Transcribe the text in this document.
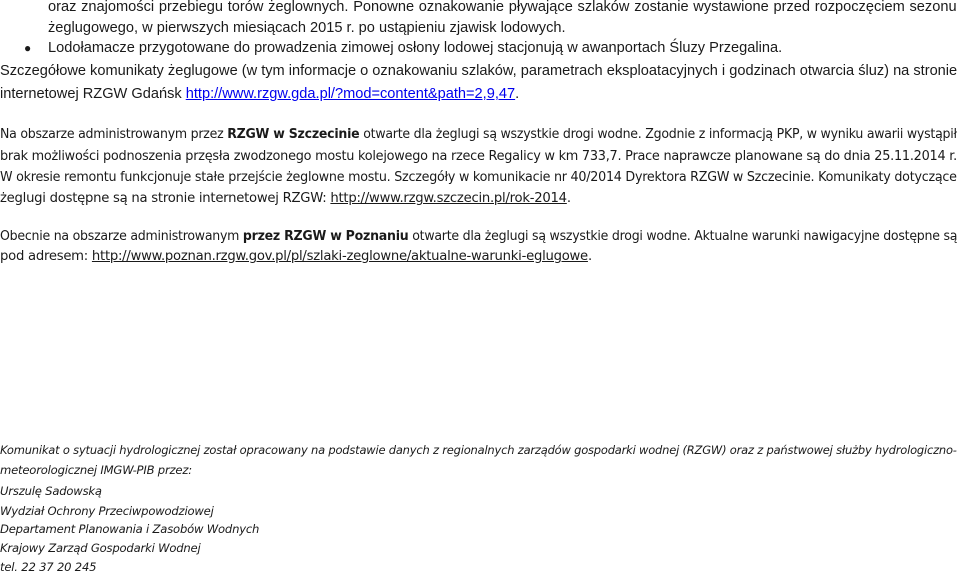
oraz znajomości przebiegu torów żeglownych. Ponowne oznakowanie pływające szlaków zostanie wystawione przed rozpoczęciem sezonu
żeglugowego, w pierwszych miesiącach 2015 r. po ustąpieniu zjawisk lodowych.
● Lodołamacze przygotowane do prowadzenia zimowej osłony lodowej stacjonują w awanportach Śluzy Przegalina.
Szczegółowe komunikaty żeglugowe (w tym informacje o oznakowaniu szlaków, parametrach eksploatacyjnych i godzinach otwarcia śluz) na stronie
internetowej RZGW Gdańsk http://www.rzgw.gda.pl/?mod=content&path=2,9,47.
Na obszarze administrowanym przez RZGW w Szczecinie otwarte dla żeglugi są wszystkie drogi wodne. Zgodnie z informacją PKP, w wyniku awarii wystąpił
brak możliwości podnoszenia przęsła zwodzonego mostu kolejowego na rzece Regalicy w km 733,7. Prace naprawcze planowane są do dnia 25.11.2014 r.
W okresie remontu funkcjonuje stałe przejście żeglowne mostu. Szczegóły w komunikacie nr 40/2014 Dyrektora RZGW w Szczecinie. Komunikaty dotyczące
żeglugi dostępne są na stronie internetowej RZGW: http://www.rzgw.szczecin.pl/rok-2014.
Obecnie na obszarze administrowanym przez RZGW w Poznaniu otwarte dla żeglugi są wszystkie drogi wodne. Aktualne warunki nawigacyjne dostępne są
pod adresem: http://www.poznan.rzgw.gov.pl/pl/szlaki-zeglowne/aktualne-warunki-eglugowe.
Komunikat o sytuacji hydrologicznej został opracowany na podstawie danych z regionalnych zarządów gospodarki wodnej (RZGW) oraz z państwowej służby hydrologiczno-
meteorologicznej IMGW-PIB przez:
Urszulę Sadowską
Wydział Ochrony Przeciwpowodziowej
Departament Planowania i Zasobów Wodnych
Krajowy Zarząd Gospodarki Wodnej
tel. 22 37 20 245
